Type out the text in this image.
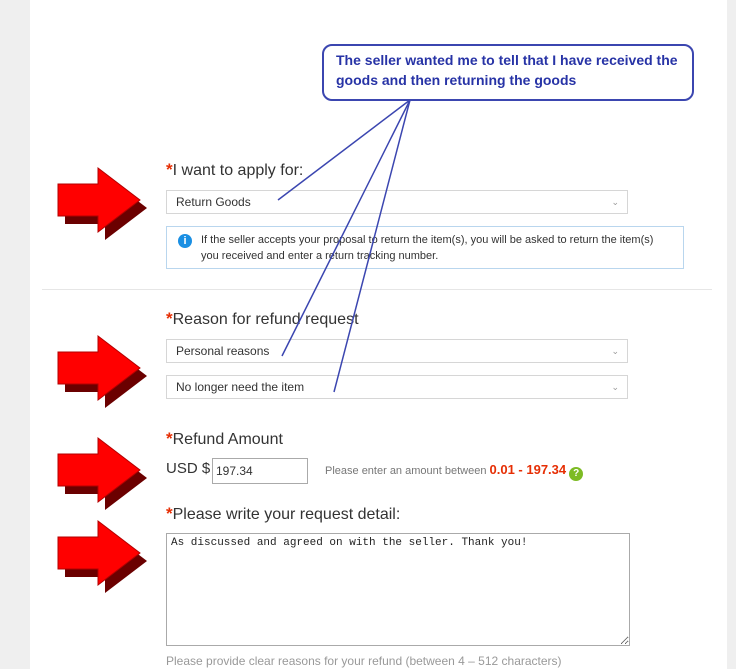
*I want to apply for:
Return Goods	⌄
i	If the seller accepts your proposal to return the item(s), you will be asked to return the item(s) you received and enter a return tracking number.
*Reason for refund request
Personal reasons	⌄
No longer need the item	⌄
*Refund Amount
USD $
197.34	Please enter an amount between 0.01 - 197.34 ?
*Please write your request detail:
As discussed and agreed on with the seller. Thank you!
Please provide clear reasons for your refund (between 4 – 512 characters)
The seller wanted me to tell that I have received the goods and then returning the goods
